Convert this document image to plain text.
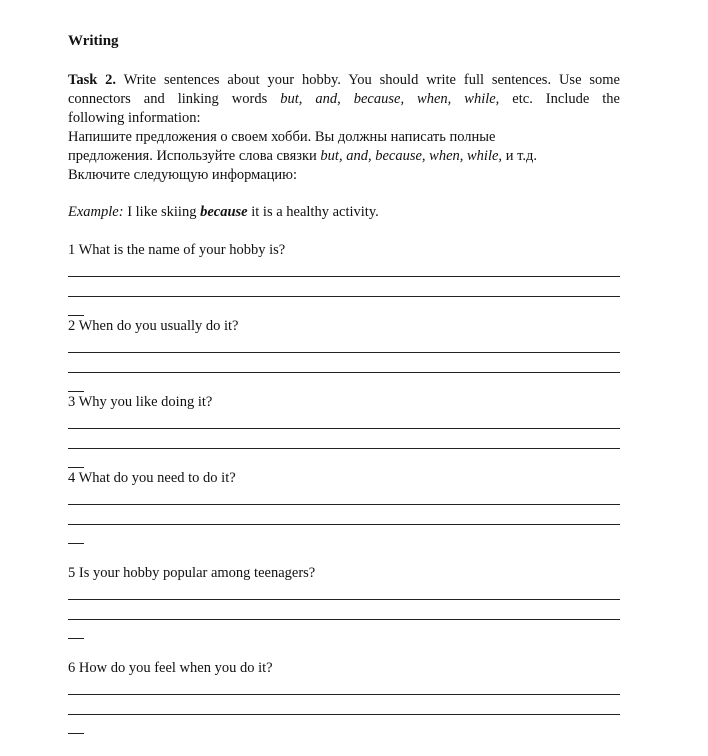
Writing
Task 2. Write sentences about your hobby. You should write full sentences. Use some
connectors and linking words but, and, because, when, while, etc. Include the
following information:
Напишите предложения о своем хобби. Вы должны написать полные
предложения. Используйте слова связки but, and, because, when, while, и т.д.
Включите следующую информацию:
Example: I like skiing because it is a healthy activity.
1 What is the name of your hobby is?
2 When do you usually do it?
3 Why you like doing it?
4 What do you need to do it?
5 Is your hobby popular among teenagers?
6 How do you feel when you do it?
